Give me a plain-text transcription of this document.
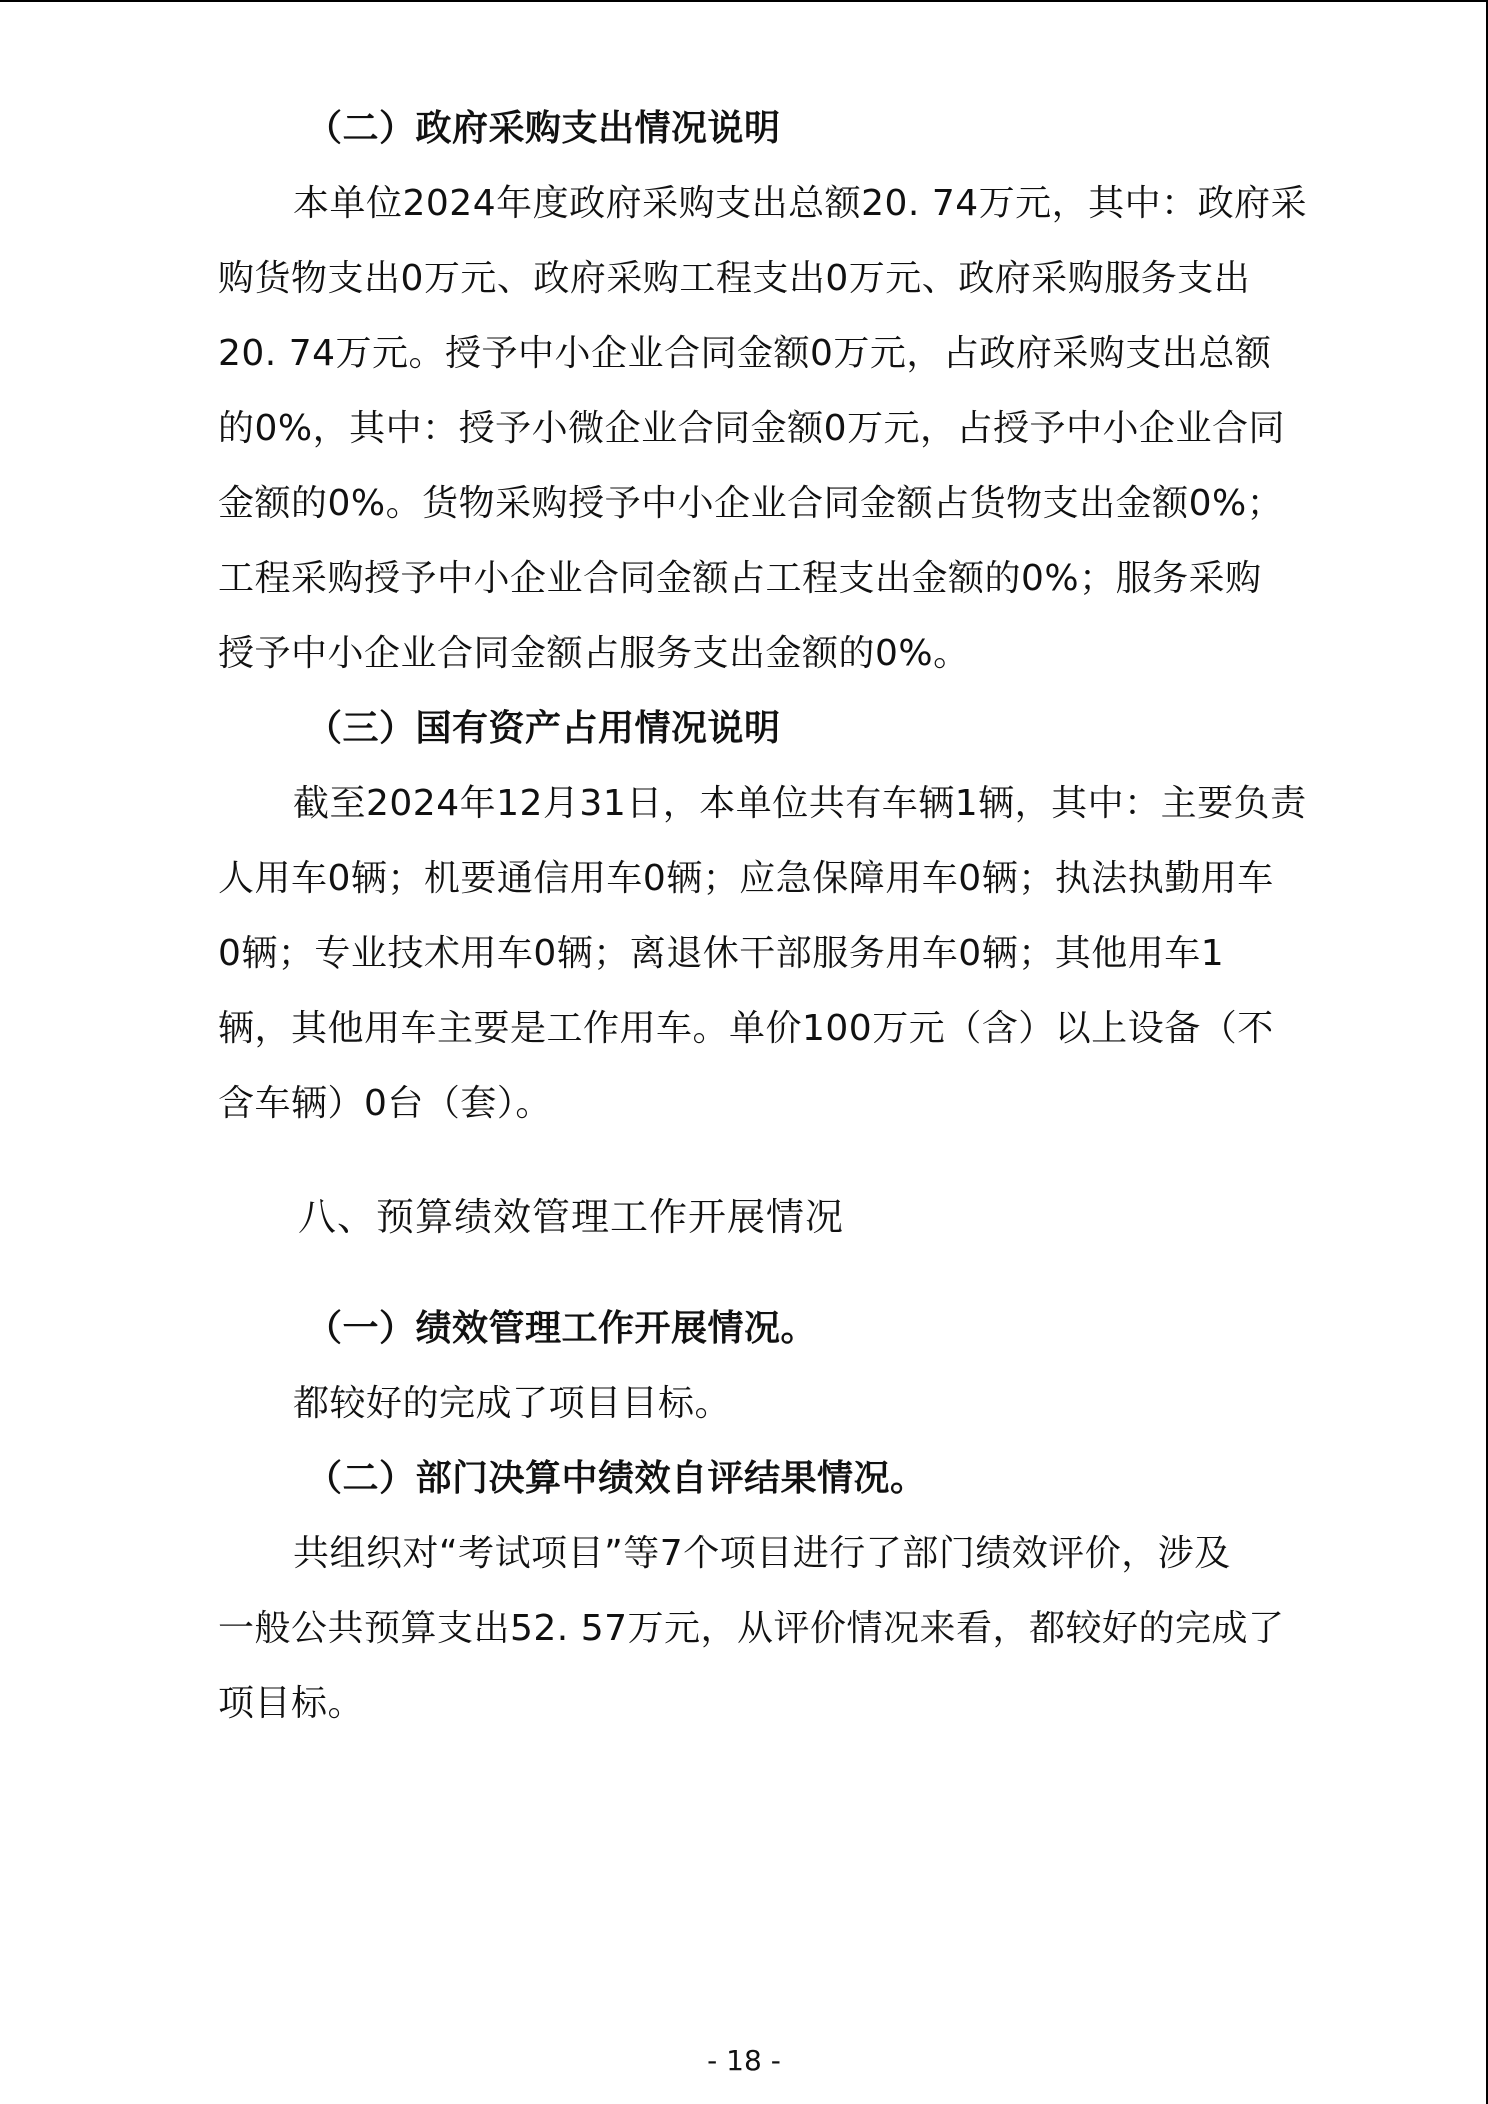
（二）政府采购支出情况说明
本单位2024年度政府采购支出总额20. 74万元，其中：政府采
购货物支出0万元、政府采购工程支出0万元、政府采购服务支出
20. 74万元。授予中小企业合同金额0万元，占政府采购支出总额
的0%，其中：授予小微企业合同金额0万元，占授予中小企业合同
金额的0%。货物采购授予中小企业合同金额占货物支出金额0%；
工程采购授予中小企业合同金额占工程支出金额的0%；服务采购
授予中小企业合同金额占服务支出金额的0%。
（三）国有资产占用情况说明
截至2024年12月31日，本单位共有车辆1辆，其中：主要负责
人用车0辆；机要通信用车0辆；应急保障用车0辆；执法执勤用车
0辆；专业技术用车0辆；离退休干部服务用车0辆；其他用车1
辆，其他用车主要是工作用车。单价100万元（含）以上设备（不
含车辆）0台（套）。
八、预算绩效管理工作开展情况
（一）绩效管理工作开展情况。
都较好的完成了项目目标。
（二）部门决算中绩效自评结果情况。
共组织对“考试项目”等7个项目进行了部门绩效评价，涉及
一般公共预算支出52. 57万元，从评价情况来看，都较好的完成了
项目标。
- 18 -
